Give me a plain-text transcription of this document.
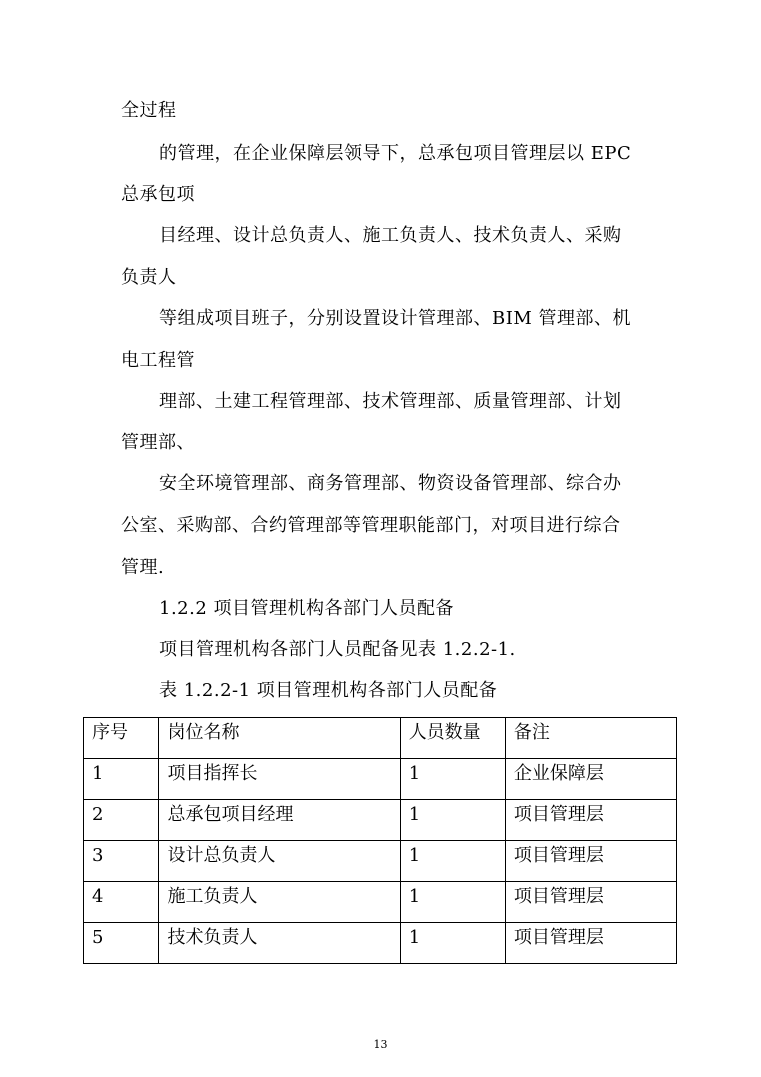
全过程
的管理，在企业保障层领导下，总承包项目管理层以 EPC
总承包项
目经理、设计总负责人、施工负责人、技术负责人、采购
负责人
等组成项目班子，分别设置设计管理部、BIM 管理部、机
电工程管
理部、土建工程管理部、技术管理部、质量管理部、计划
管理部、
安全环境管理部、商务管理部、物资设备管理部、综合办
公室、采购部、合约管理部等管理职能部门，对项目进行综合
管理.
1.2.2 项目管理机构各部门人员配备
项目管理机构各部门人员配备见表 1.2.2-1.
表 1.2.2-1 项目管理机构各部门人员配备
序号	岗位名称	人员数量	备注
1	项目指挥长	1	企业保障层
2	总承包项目经理	1	项目管理层
3	设计总负责人	1	项目管理层
4	施工负责人	1	项目管理层
5	技术负责人	1	项目管理层
13
